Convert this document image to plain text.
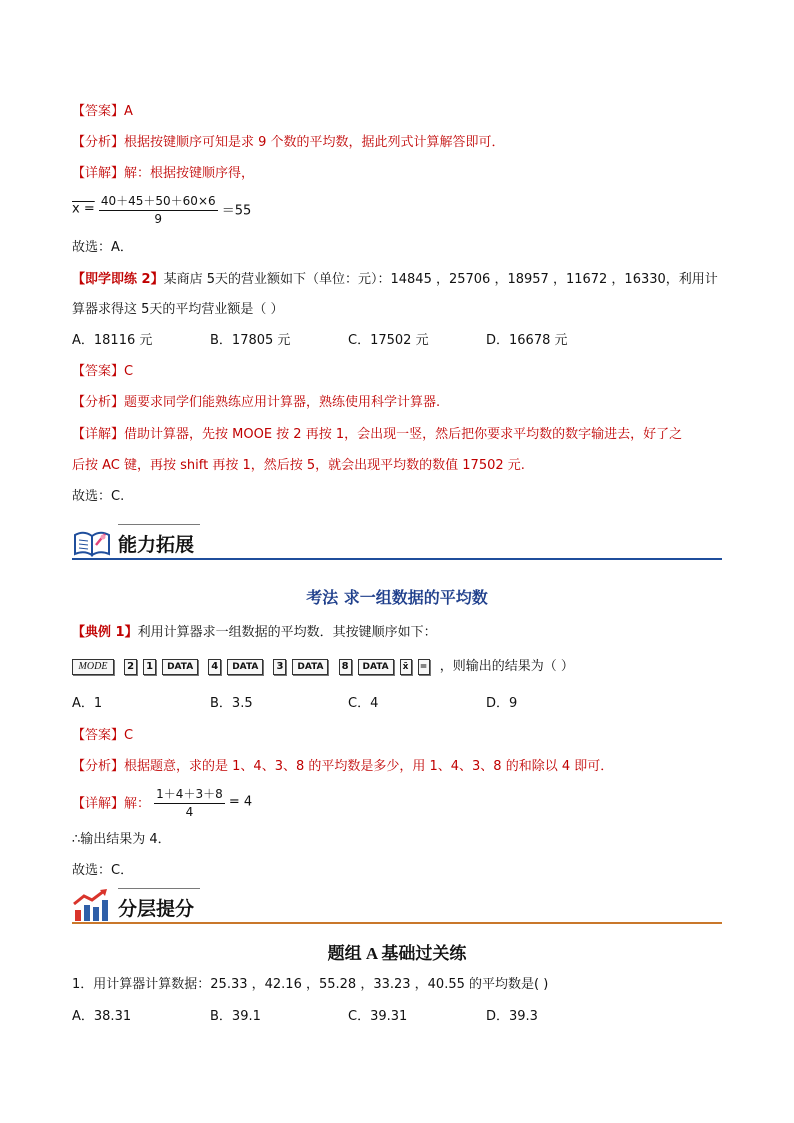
【答案】A
【分析】根据按键顺序可知是求 9 个数的平均数，据此列式计算解答即可．
【详解】解：根据按键顺序得，
$x = \frac{40+45+50+60\times 6}{9} =55$
故选：A．
【即学即练 2】某商店 5天的营业额如下（单位：元）：14845 ，25706 ，18957 ，11672 ，16330，利用计
算器求得这 5天的平均营业额是（ ）
A．18116 元	B．17805 元	C．17502 元	D．16678 元
【答案】C
【分析】题要求同学们能熟练应用计算器，熟练使用科学计算器.
【详解】借助计算器，先按 MOOE 按 2 再按 1，会出现一竖，然后把你要求平均数的数字输进去，好了之
后按 AC 键，再按 shift 再按 1，然后按 5，就会出现平均数的数值 17502 元.
故选：C.
能力拓展
考法 求一组数据的平均数
【典例 1】利用计算器求一组数据的平均数．其按键顺序如下：
MODE 2 1 DATA 4 DATA 3 DATA 8 DATA x̄ = ，则输出的结果为（ ）
A．1	B．3.5	C．4	D．9
【答案】C
【分析】根据题意，求的是 1、4、3、8 的平均数是多少，用 1、4、3、8 的和除以 4 即可．
【详解】解： $\frac{1+4+3+8}{4} = 4$
∴输出结果为 4．
故选：C．
分层提分
题组 A 基础过关练
1．用计算器计算数据：25.33 ，42.16 ，55.28 ，33.23 ，40.55 的平均数是( )
A．38.31	B．39.1	C．39.31	D．39.3
